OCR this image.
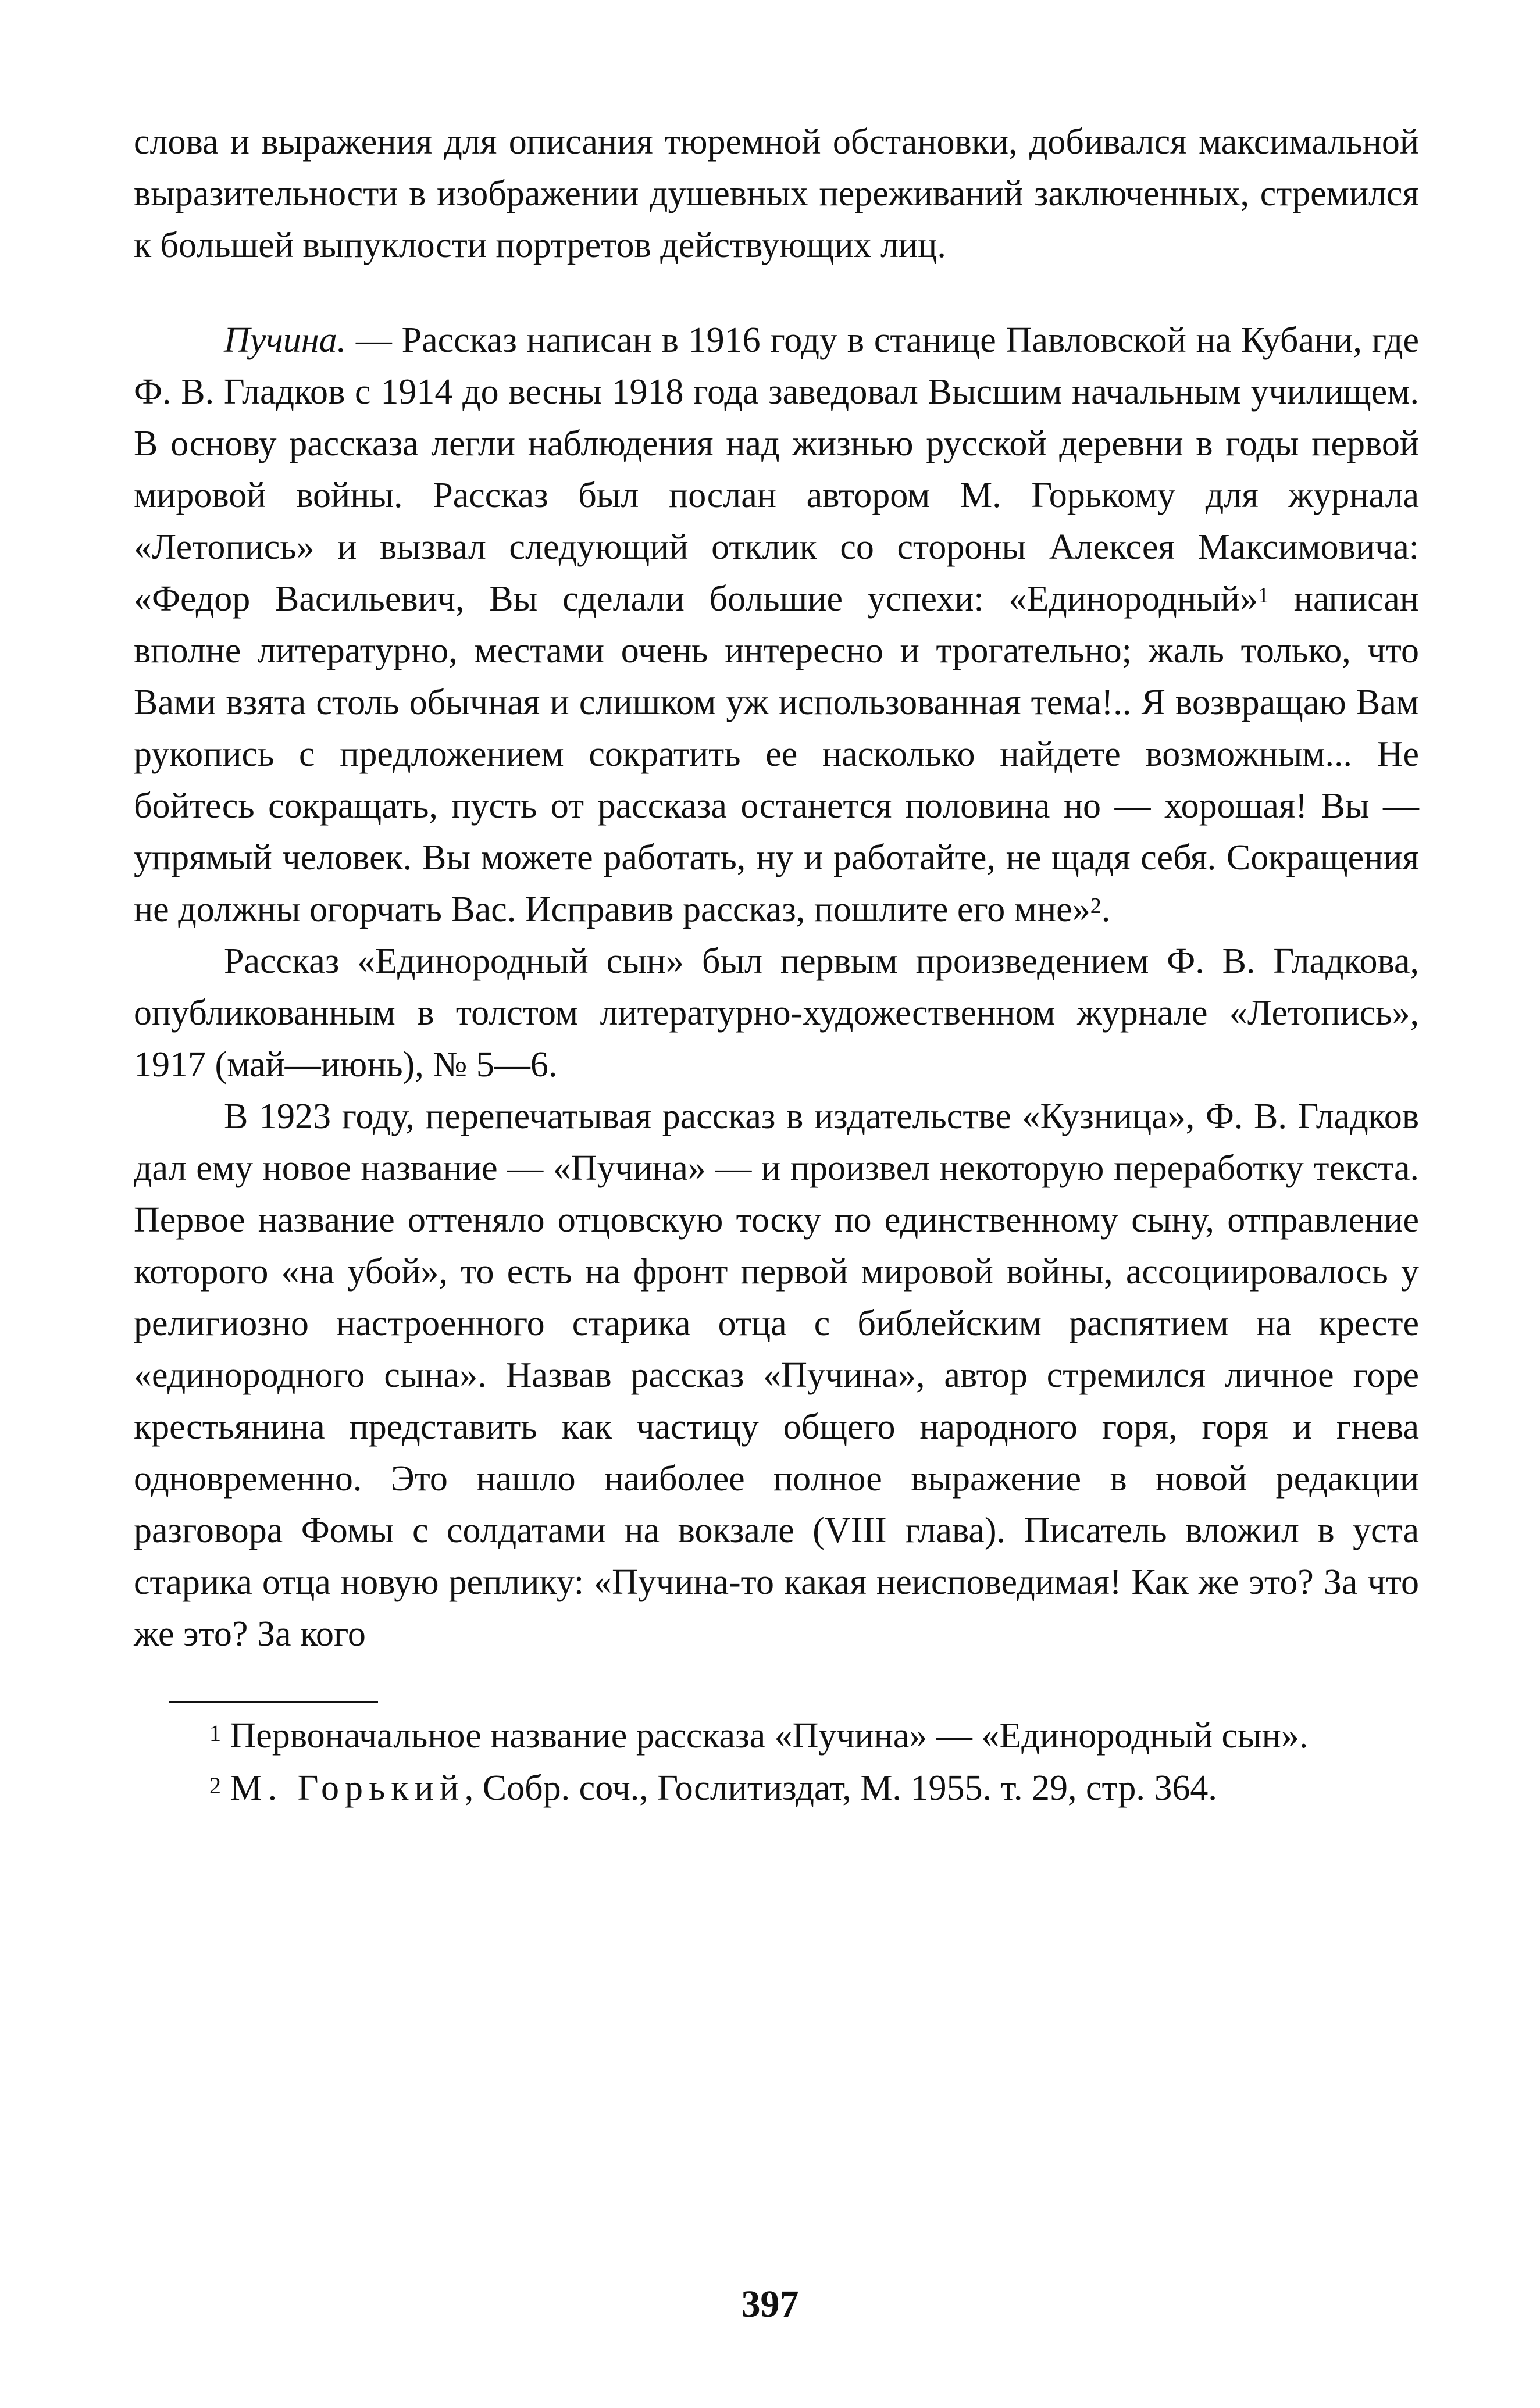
слова и выражения для описания тюремной обстановки, добивался максимальной выразительности в изображении душевных переживаний заключенных, стремился к большей выпуклости портретов действующих лиц.

Пучина. — Рассказ написан в 1916 году в станице Павловской на Кубани, где Ф. В. Гладков с 1914 до весны 1918 года заведовал Высшим начальным училищем. В основу рассказа легли наблюдения над жизнью русской деревни в годы первой мировой войны. Рассказ был послан автором М. Горькому для журнала «Летопись» и вызвал следующий отклик со стороны Алексея Максимовича: «Федор Васильевич, Вы сделали большие успехи: «Единородный»$^1$ написан вполне литературно, местами очень интересно и трогательно; жаль только, что Вами взята столь обычная и слишком уж использованная тема!.. Я возвращаю Вам рукопись с предложением сократить ее насколько найдете возможным... Не бойтесь сокращать, пусть от рассказа останется половина но — хорошая! Вы — упрямый человек. Вы можете работать, ну и работайте, не щадя себя. Сокращения не должны огорчать Вас. Исправив рассказ, пошлите его мне»$^2$.

Рассказ «Единородный сын» был первым произведением Ф. В. Гладкова, опубликованным в толстом литературно-художественном журнале «Летопись», 1917 (май—июнь), № 5—6.

В 1923 году, перепечатывая рассказ в издательстве «Кузница», Ф. В. Гладков дал ему новое название — «Пучина» — и произвел некоторую переработку текста. Первое название оттеняло отцовскую тоску по единственному сыну, отправление которого «на убой», то есть на фронт первой мировой войны, ассоциировалось у религиозно настроенного старика отца с библейским распятием на кресте «единородного сына». Назвав рассказ «Пучина», автор стремился личное горе крестьянина представить как частицу общего народного горя, горя и гнева одновременно. Это нашло наиболее полное выражение в новой редакции разговора Фомы с солдатами на вокзале (VIII глава). Писатель вложил в уста старика отца новую реплику: «Пучина-то какая неисповедимая! Как же это? За что же это? За кого

$^1$ Первоначальное название рассказа «Пучина» — «Единородный сын».

$^2$ М. Горький, Собр. соч., Гослитиздат, М. 1955. т. 29, стр. 364.

397
